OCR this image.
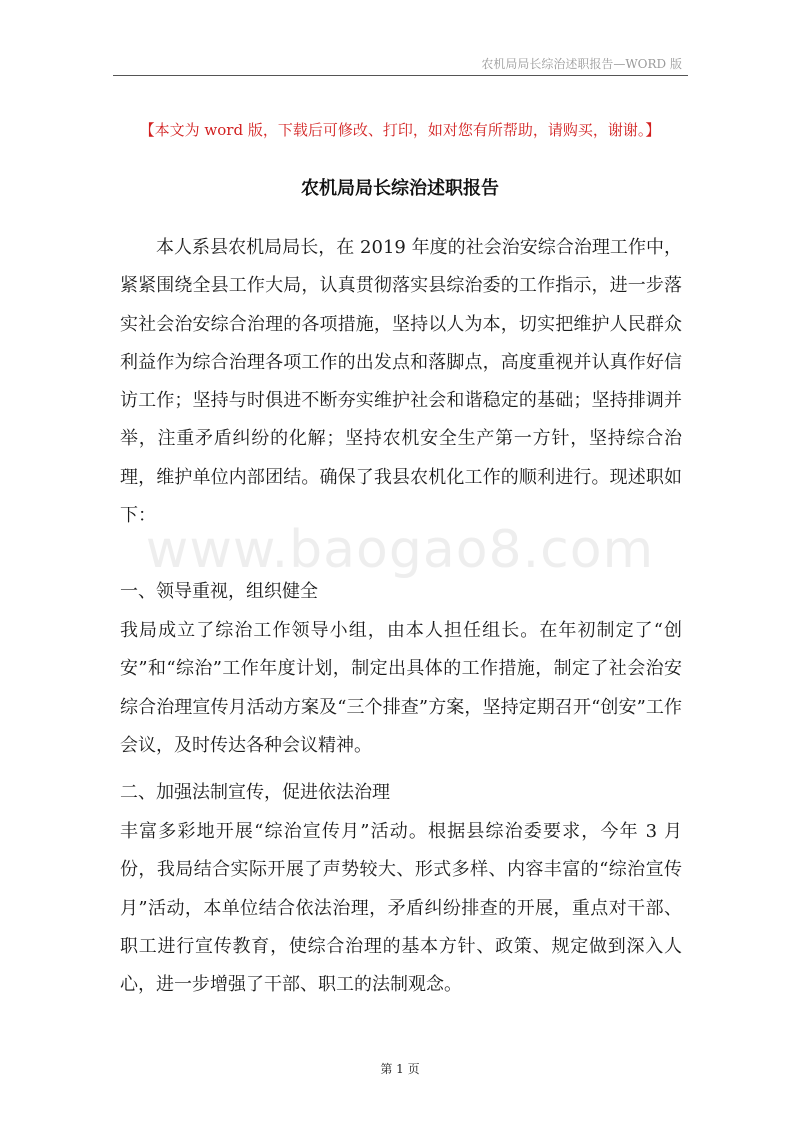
农机局局长综治述职报告—WORD 版
【本文为 word 版，下载后可修改、打印，如对您有所帮助，请购买，谢谢。】
农机局局长综治述职报告
www.baogao8.com
本人系县农机局局长，在 2019 年度的社会治安综合治理工作中，紧紧围绕全县工作大局，认真贯彻落实县综治委的工作指示，进一步落实社会治安综合治理的各项措施，坚持以人为本，切实把维护人民群众利益作为综合治理各项工作的出发点和落脚点，高度重视并认真作好信访工作；坚持与时俱进不断夯实维护社会和谐稳定的基础；坚持排调并举，注重矛盾纠纷的化解；坚持农机安全生产第一方针，坚持综合治理，维护单位内部团结。确保了我县农机化工作的顺利进行。现述职如下：
一、领导重视，组织健全
我局成立了综治工作领导小组，由本人担任组长。在年初制定了“创安”和“综治”工作年度计划，制定出具体的工作措施，制定了社会治安综合治理宣传月活动方案及“三个排查”方案，坚持定期召开“创安”工作会议，及时传达各种会议精神。
二、加强法制宣传，促进依法治理
丰富多彩地开展“综治宣传月”活动。根据县综治委要求，今年 3 月份，我局结合实际开展了声势较大、形式多样、内容丰富的“综治宣传月”活动，本单位结合依法治理，矛盾纠纷排查的开展，重点对干部、职工进行宣传教育，使综合治理的基本方针、政策、规定做到深入人心，进一步增强了干部、职工的法制观念。
第 1 页
